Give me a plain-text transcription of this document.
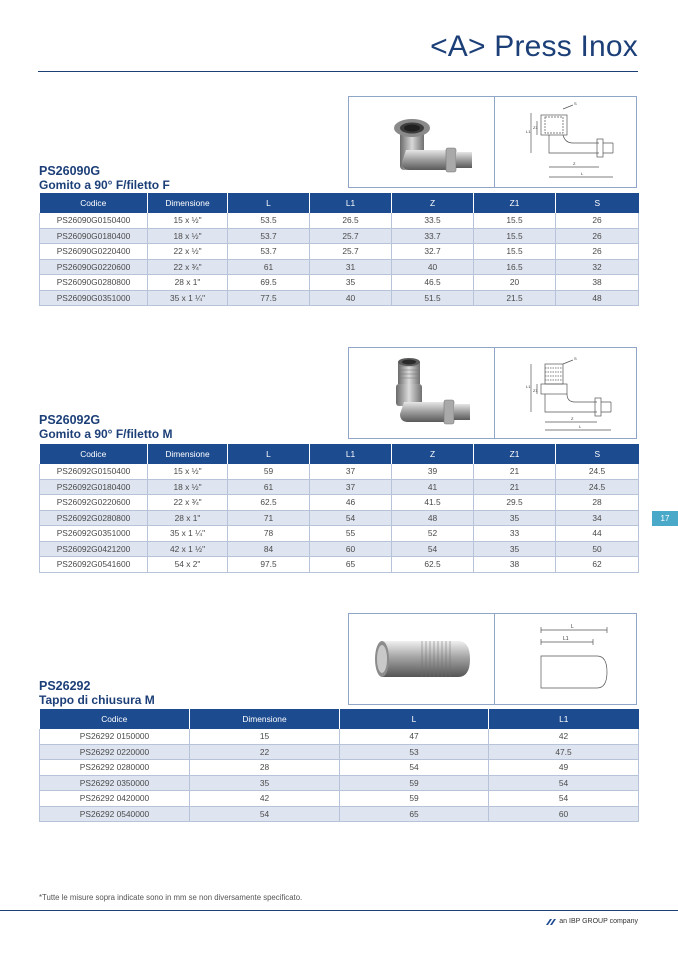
<A> Press Inox
S
Z1
L1
Z
L
PS26090G
Gomito a 90° F/filetto F
Codice	Dimensione	L	L1	Z	Z1	S
PS26090G0150400	15 x ½"	53.5	26.5	33.5	15.5	26
PS26090G0180400	18 x ½"	53.7	25.7	33.7	15.5	26
PS26090G0220400	22 x ½"	53.7	25.7	32.7	15.5	26
PS26090G0220600	22 x ¾"	61	31	40	16.5	32
PS26090G0280800	28 x 1"	69.5	35	46.5	20	38
PS26090G0351000	35 x 1 ¼"	77.5	40	51.5	21.5	48
S
Z1
L1
Z
L
PS26092G
Gomito a 90° F/filetto M
Codice	Dimensione	L	L1	Z	Z1	S
PS26092G0150400	15 x ½"	59	37	39	21	24.5
PS26092G0180400	18 x ½"	61	37	41	21	24.5
PS26092G0220600	22 x ¾"	62.5	46	41.5	29.5	28
PS26092G0280800	28 x 1"	71	54	48	35	34
PS26092G0351000	35 x 1 ¼"	78	55	52	33	44
PS26092G0421200	42 x 1 ½"	84	60	54	35	50
PS26092G0541600	54 x 2"	97.5	65	62.5	38	62
17
L
L1
PS26292
Tappo di chiusura M
Codice	Dimensione	L	L1
PS26292 0150000	15	47	42
PS26292 0220000	22	53	47.5
PS26292 0280000	28	54	49
PS26292 0350000	35	59	54
PS26292 0420000	42	59	54
PS26292 0540000	54	65	60
*Tutte le misure sopra indicate sono in mm se non diversamente specificato.
an IBP GROUP company
